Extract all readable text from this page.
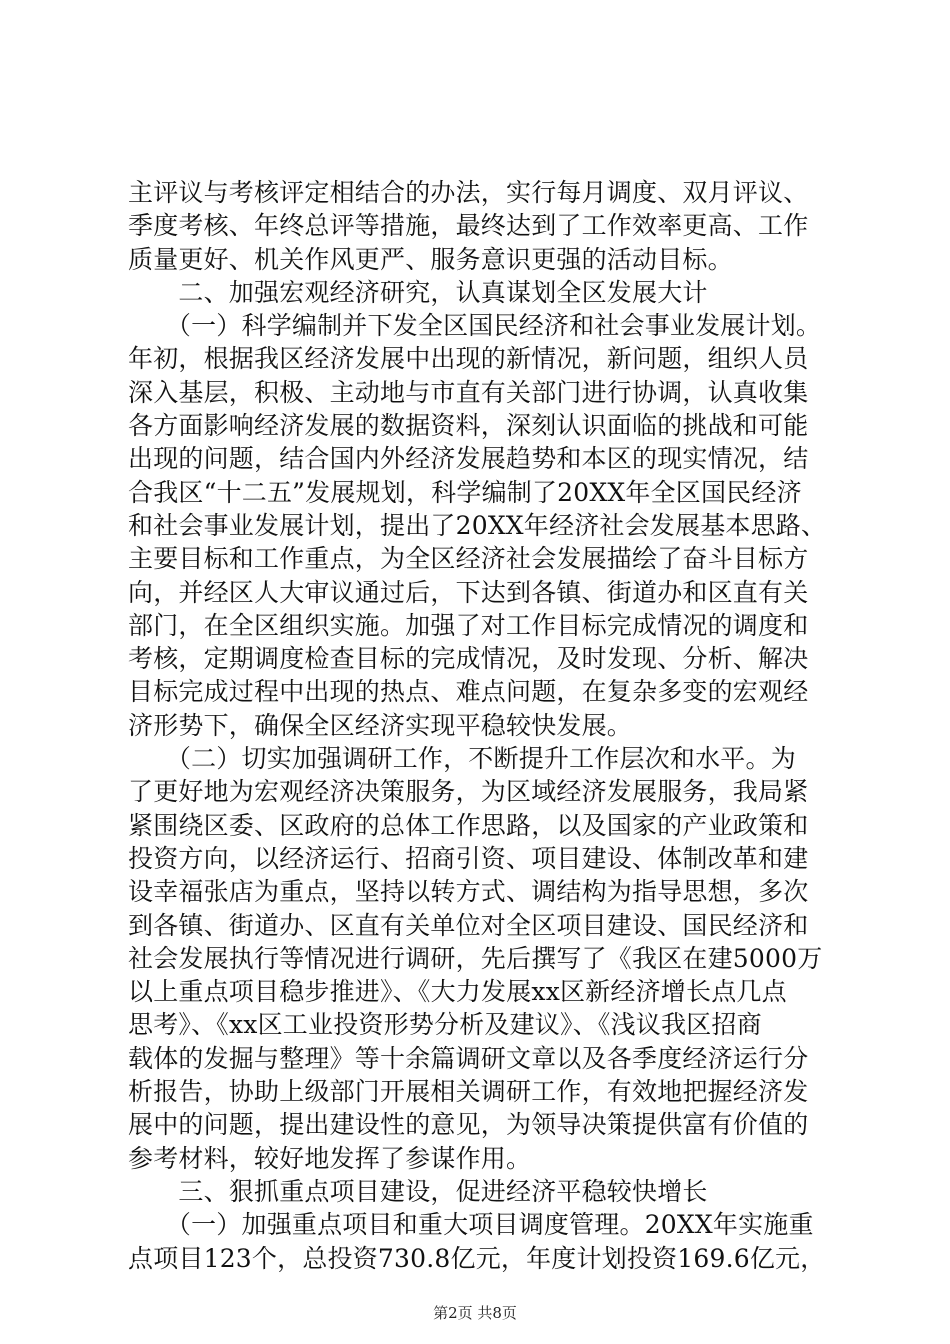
主评议与考核评定相结合的办法，实行每月调度、双月评议、
季度考核、年终总评等措施，最终达到了工作效率更高、工作
质量更好、机关作风更严、服务意识更强的活动目标。
　　二、加强宏观经济研究，认真谋划全区发展大计
　　（一）科学编制并下发全区国民经济和社会事业发展计划。
年初，根据我区经济发展中出现的新情况，新问题，组织人员
深入基层，积极、主动地与市直有关部门进行协调，认真收集
各方面影响经济发展的数据资料，深刻认识面临的挑战和可能
出现的问题，结合国内外经济发展趋势和本区的现实情况，结
合我区“十二五”发展规划，科学编制了20XX年全区国民经济
和社会事业发展计划，提出了20XX年经济社会发展基本思路、
主要目标和工作重点，为全区经济社会发展描绘了奋斗目标方
向，并经区人大审议通过后，下达到各镇、街道办和区直有关
部门，在全区组织实施。加强了对工作目标完成情况的调度和
考核，定期调度检查目标的完成情况，及时发现、分析、解决
目标完成过程中出现的热点、难点问题，在复杂多变的宏观经
济形势下，确保全区经济实现平稳较快发展。
　　（二）切实加强调研工作，不断提升工作层次和水平。为
了更好地为宏观经济决策服务，为区域经济发展服务，我局紧
紧围绕区委、区政府的总体工作思路，以及国家的产业政策和
投资方向，以经济运行、招商引资、项目建设、体制改革和建
设幸福张店为重点，坚持以转方式、调结构为指导思想，多次
到各镇、街道办、区直有关单位对全区项目建设、国民经济和
社会发展执行等情况进行调研，先后撰写了《我区在建5000万
以上重点项目稳步推进》、《大力发展xx区新经济增长点几点
思考》、《xx区工业投资形势分析及建议》、《浅议我区招商
载体的发掘与整理》等十余篇调研文章以及各季度经济运行分
析报告，协助上级部门开展相关调研工作，有效地把握经济发
展中的问题，提出建设性的意见，为领导决策提供富有价值的
参考材料，较好地发挥了参谋作用。
　　三、狠抓重点项目建设，促进经济平稳较快增长
　　（一）加强重点项目和重大项目调度管理。20XX年实施重
点项目123个，总投资730.8亿元，年度计划投资169.6亿元，
第2页 共8页
